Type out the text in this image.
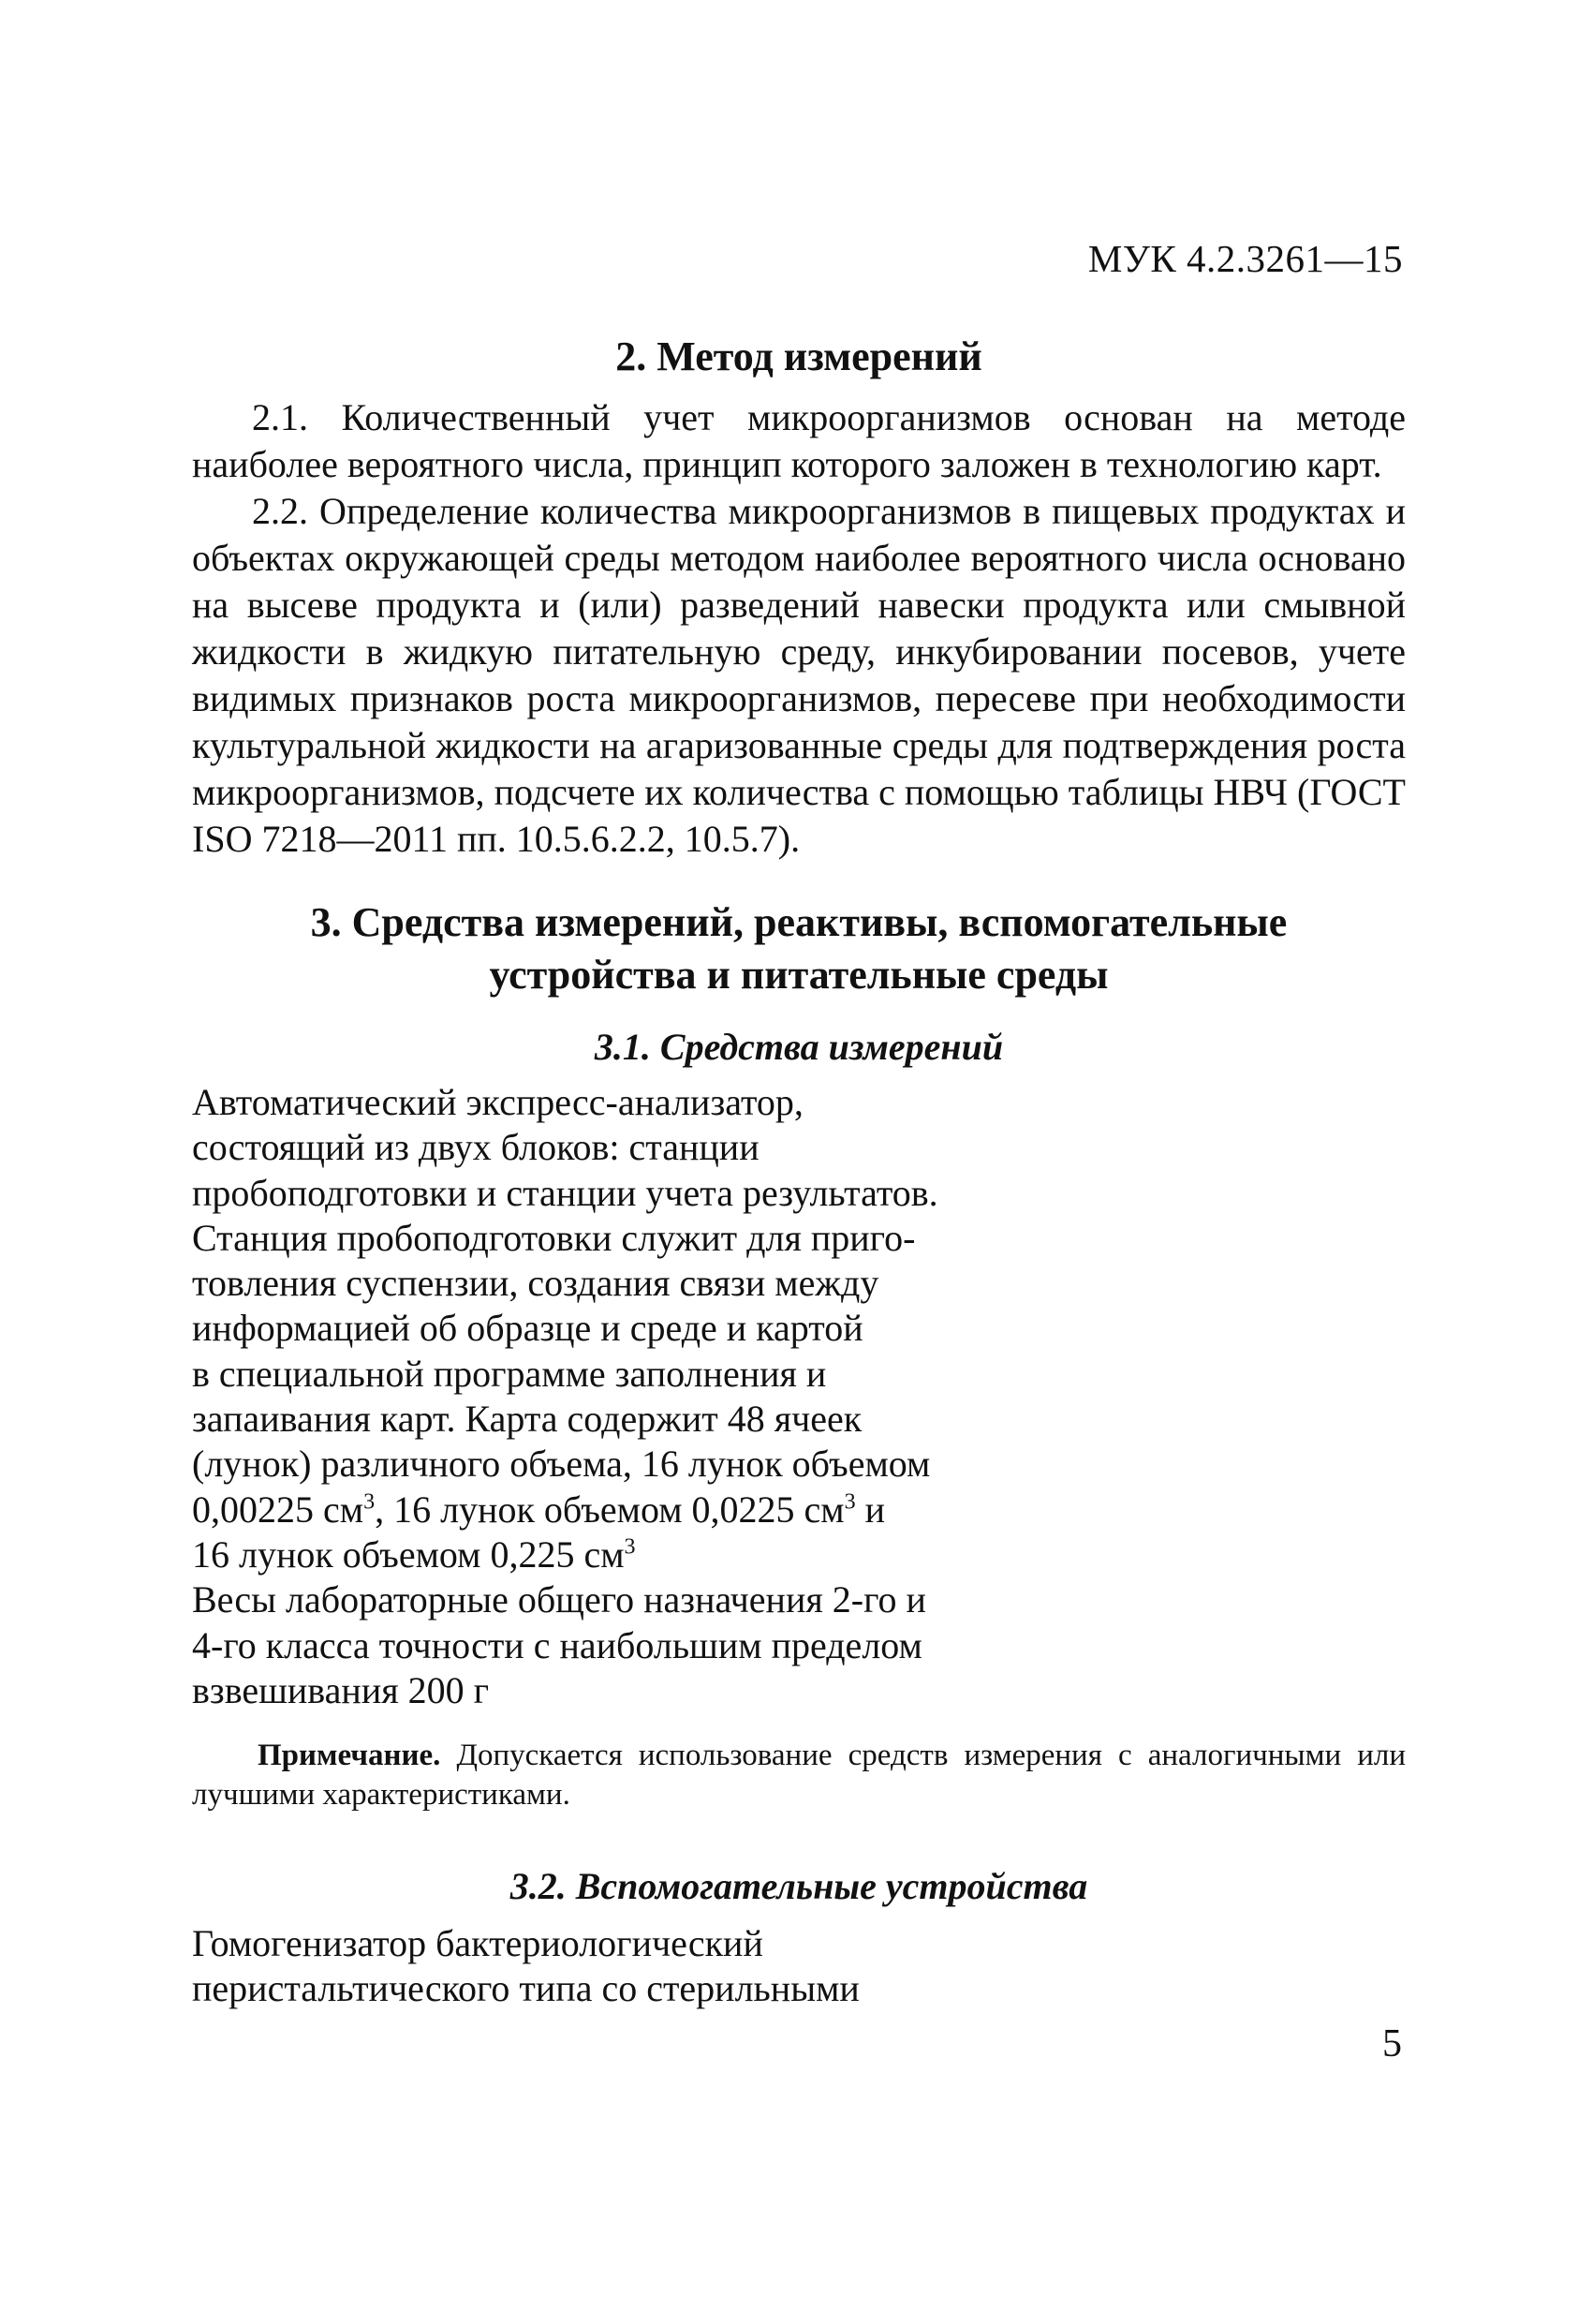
МУК 4.2.3261—15
2. Метод измерений

2.1. Количественный учет микроорганизмов основан на методе наиболее вероятного числа, принцип которого заложен в технологию карт.

2.2. Определение количества микроорганизмов в пищевых продуктах и объектах окружающей среды методом наиболее вероятного числа основано на высеве продукта и (или) разведений навески продукта или смывной жидкости в жидкую питательную среду, инкубировании посевов, учете видимых признаков роста микроорганизмов, пересеве при необходимости культуральной жидкости на агаризованные среды для подтверждения роста микроорганизмов, подсчете их количества с помощью таблицы НВЧ (ГОСТ ISO 7218—2011 пп. 10.5.6.2.2, 10.5.7).

3. Средства измерений, реактивы, вспомогательные
устройства и питательные среды
3.1. Средства измерений
Автоматический экспресс-анализатор,
состоящий из двух блоков: станции
пробоподготовки и станции учета результатов.
Станция пробоподготовки служит для приго-
товления суспензии, создания связи между
информацией об образце и среде и картой
в специальной программе заполнения и
запаивания карт. Карта содержит 48 ячеек
(лунок) различного объема, 16 лунок объемом
0,00225 $см^3$, 16 лунок объемом 0,0225 $см^3$ и
16 лунок объемом 0,225 $см^3$
Весы лабораторные общего назначения 2-го и
4-го класса точности с наибольшим пределом
взвешивания 200 г
Примечание. Допускается использование средств измерения с аналогичными или лучшими характеристиками.
3.2. Вспомогательные устройства
Гомогенизатор бактериологический
перистальтического типа со стерильными
5
